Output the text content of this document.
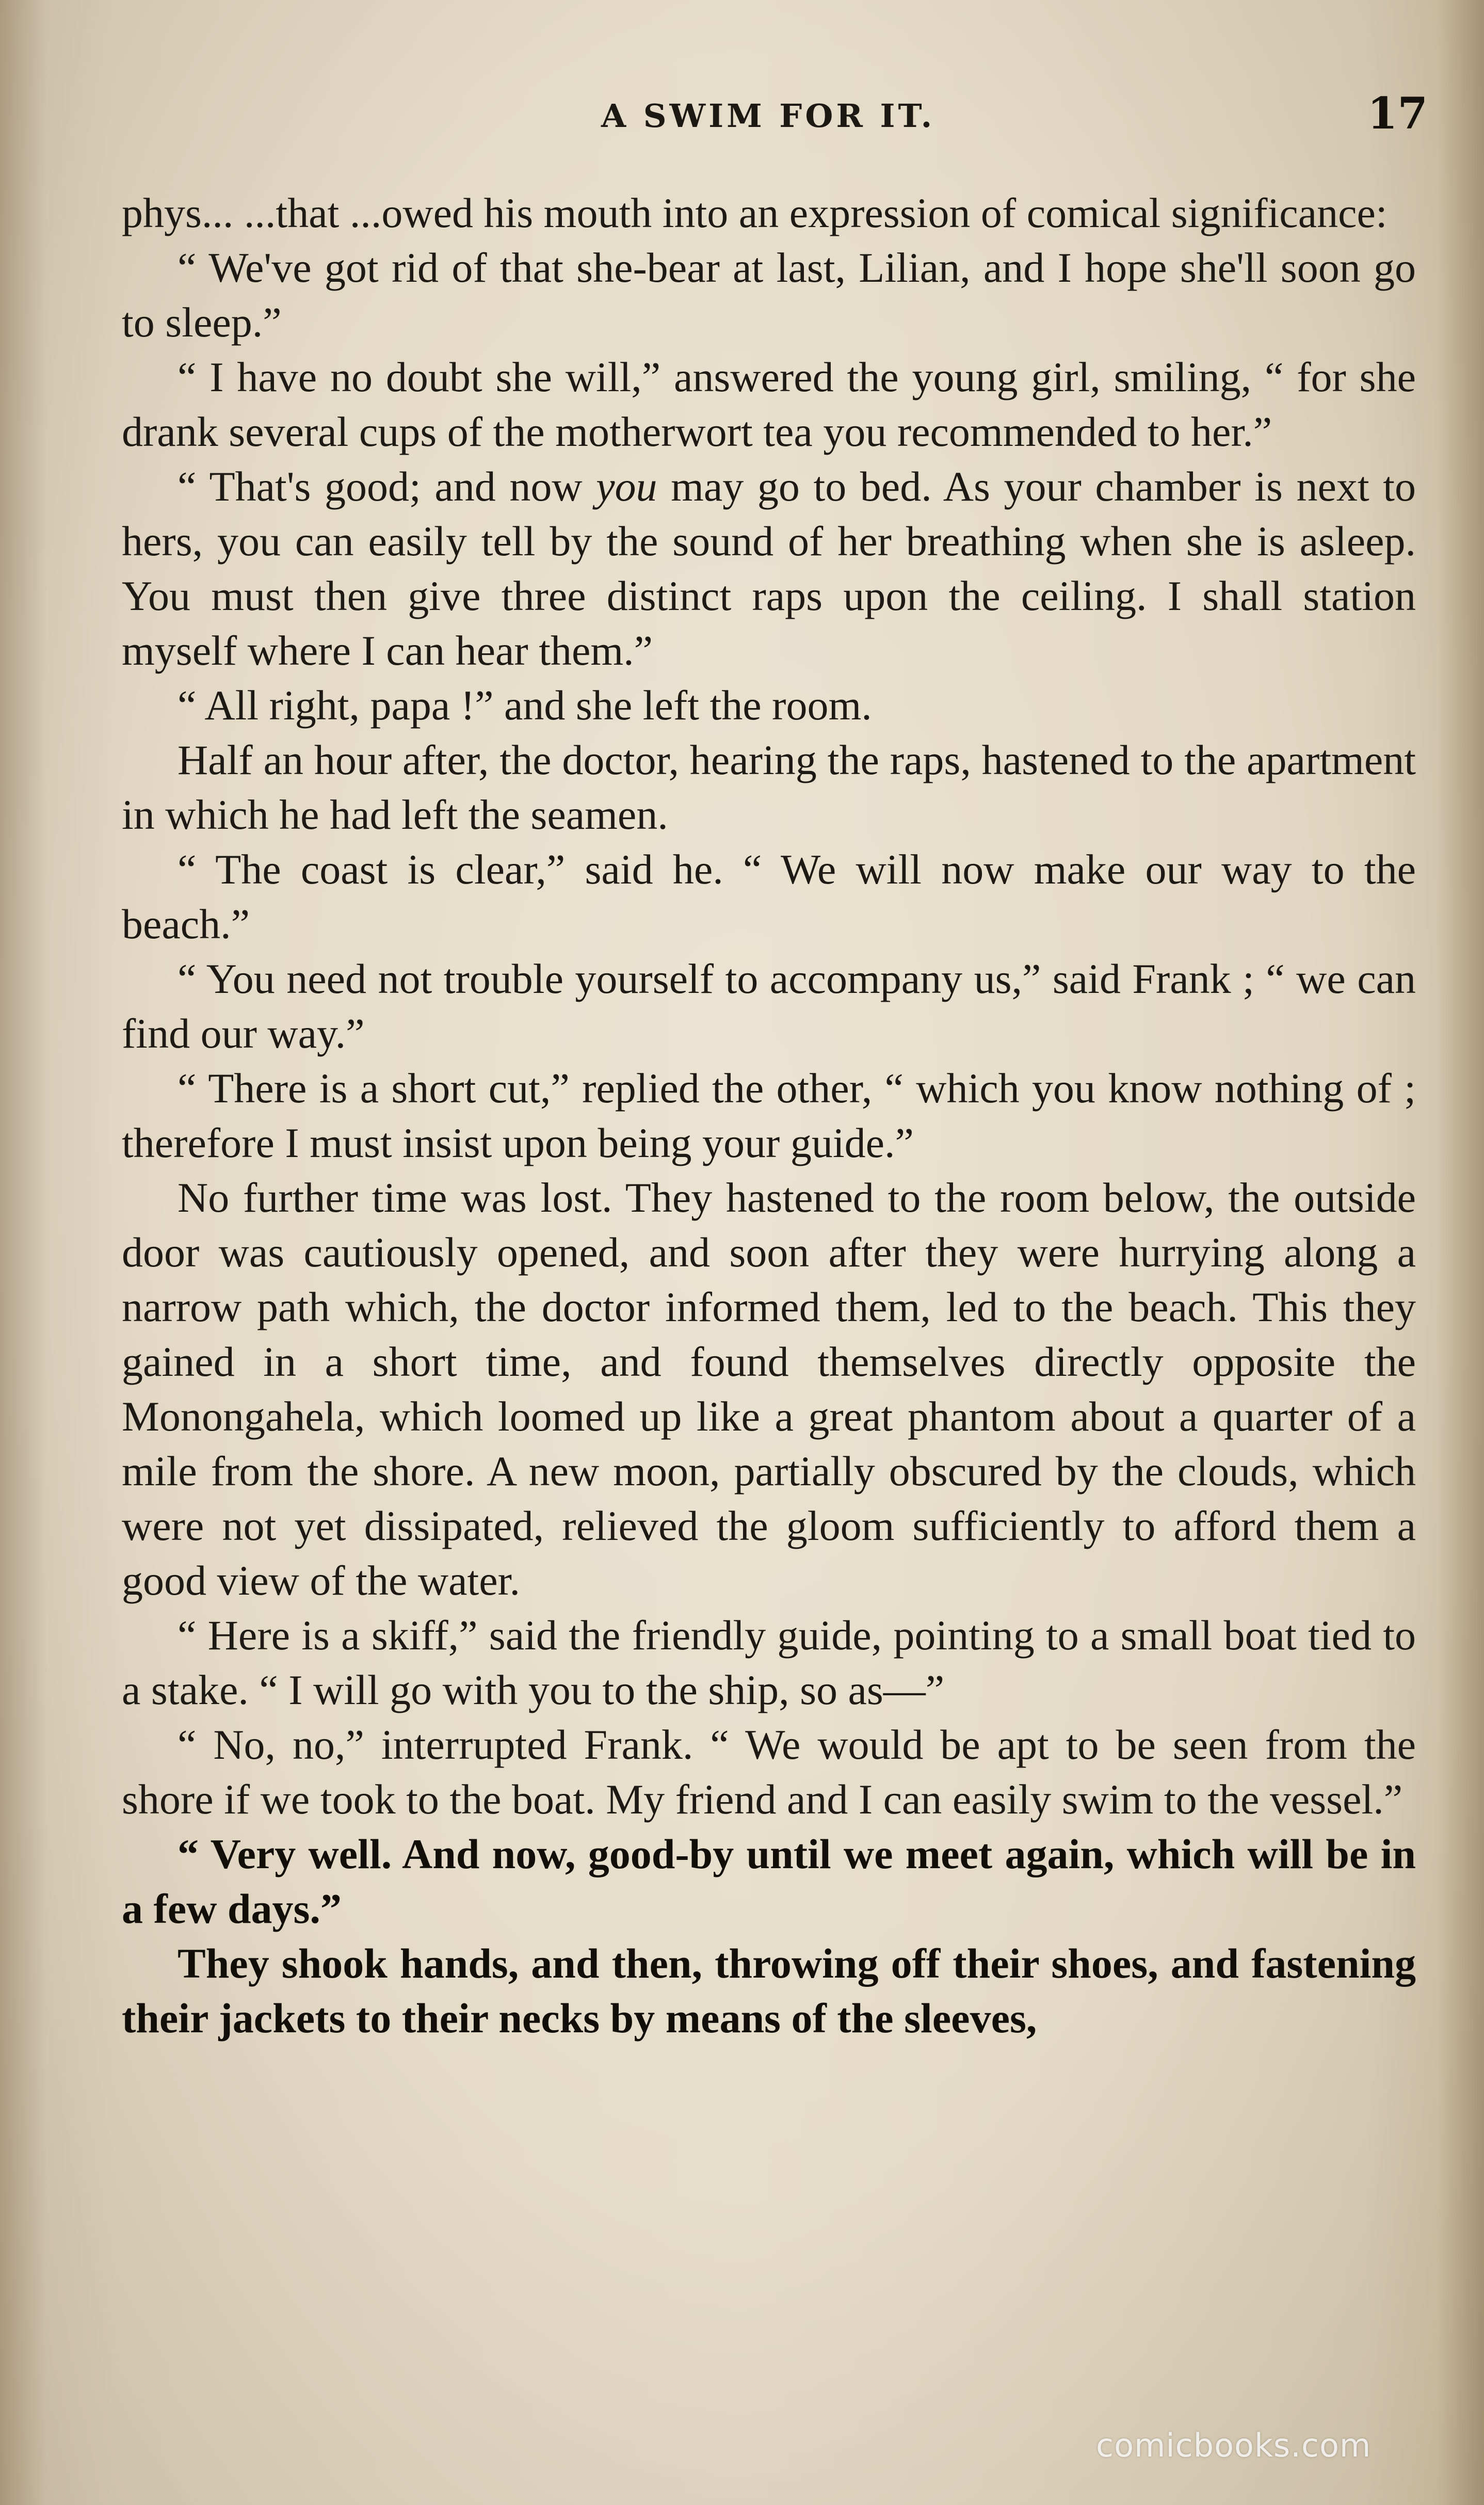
A SWIM FOR IT.	17

phys... ...that ...owed his mouth into an expression of comical significance:

“ We've got rid of that she-bear at last, Lilian, and I hope she'll soon go to sleep.”

“ I have no doubt she will,” answered the young girl, smiling, “ for she drank several cups of the motherwort tea you recommended to her.”

“ That's good; and now you may go to bed. As your chamber is next to hers, you can easily tell by the sound of her breathing when she is asleep. You must then give three distinct raps upon the ceiling. I shall station myself where I can hear them.”

“ All right, papa !” and she left the room.

Half an hour after, the doctor, hearing the raps, hastened to the apartment in which he had left the seamen.

“ The coast is clear,” said he. “ We will now make our way to the beach.”

“ You need not trouble yourself to accompany us,” said Frank ; “ we can find our way.”

“ There is a short cut,” replied the other, “ which you know nothing of ; therefore I must insist upon being your guide.”

No further time was lost. They hastened to the room below, the outside door was cautiously opened, and soon after they were hurrying along a narrow path which, the doctor informed them, led to the beach. This they gained in a short time, and found themselves directly opposite the Monongahela, which loomed up like a great phantom about a quarter of a mile from the shore. A new moon, partially obscured by the clouds, which were not yet dissipated, relieved the gloom sufficiently to afford them a good view of the water.

“ Here is a skiff,” said the friendly guide, pointing to a small boat tied to a stake. “ I will go with you to the ship, so as—”

“ No, no,” interrupted Frank. “ We would be apt to be seen from the shore if we took to the boat. My friend and I can easily swim to the vessel.”

“ Very well. And now, good-by until we meet again, which will be in a few days.”

They shook hands, and then, throwing off their shoes, and fastening their jackets to their necks by means of the sleeves,

comicbooks.com
